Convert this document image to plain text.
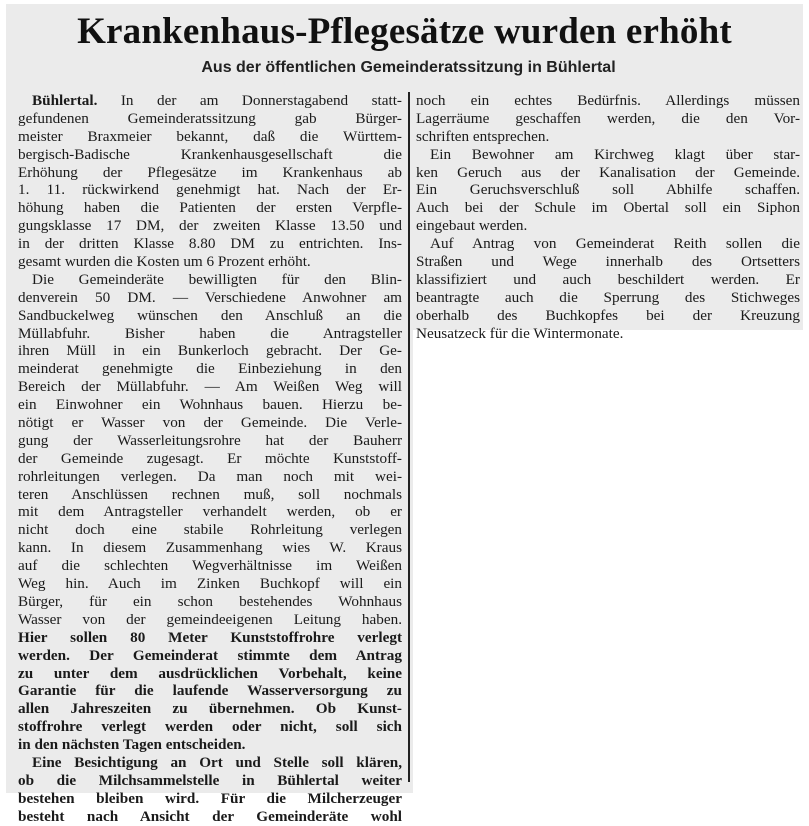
Krankenhaus-Pflegesätze wurden erhöht
Aus der öffentlichen Gemeinderatssitzung in Bühlertal
Bühlertal. In der am Donnerstagabend statt-
gefundenen Gemeinderatssitzung gab Bürger-
meister Braxmeier bekannt, daß die Württem-
bergisch-Badische Krankenhausgesellschaft die
Erhöhung der Pflegesätze im Krankenhaus ab
1. 11. rückwirkend genehmigt hat. Nach der Er-
höhung haben die Patienten der ersten Verpfle-
gungsklasse 17 DM, der zweiten Klasse 13.50 und
in der dritten Klasse 8.80 DM zu entrichten. Ins-
gesamt wurden die Kosten um 6 Prozent erhöht.
Die Gemeinderäte bewilligten für den Blin-
denverein 50 DM. — Verschiedene Anwohner am
Sandbuckelweg wünschen den Anschluß an die
Müllabfuhr. Bisher haben die Antragsteller
ihren Müll in ein Bunkerloch gebracht. Der Ge-
meinderat genehmigte die Einbeziehung in den
Bereich der Müllabfuhr. — Am Weißen Weg will
ein Einwohner ein Wohnhaus bauen. Hierzu be-
nötigt er Wasser von der Gemeinde. Die Verle-
gung der Wasserleitungsrohre hat der Bauherr
der Gemeinde zugesagt. Er möchte Kunststoff-
rohrleitungen verlegen. Da man noch mit wei-
teren Anschlüssen rechnen muß, soll nochmals
mit dem Antragsteller verhandelt werden, ob er
nicht doch eine stabile Rohrleitung verlegen
kann. In diesem Zusammenhang wies W. Kraus
auf die schlechten Wegverhältnisse im Weißen
Weg hin. Auch im Zinken Buchkopf will ein
Bürger, für ein schon bestehendes Wohnhaus
Wasser von der gemeindeeigenen Leitung haben.
Hier sollen 80 Meter Kunststoffrohre verlegt
werden. Der Gemeinderat stimmte dem Antrag
zu unter dem ausdrücklichen Vorbehalt, keine
Garantie für die laufende Wasserversorgung zu
allen Jahreszeiten zu übernehmen. Ob Kunst-
stoffrohre verlegt werden oder nicht, soll sich
in den nächsten Tagen entscheiden.
Eine Besichtigung an Ort und Stelle soll klären,
ob die Milchsammelstelle in Bühlertal weiter
bestehen bleiben wird. Für die Milcherzeuger
besteht nach Ansicht der Gemeinderäte wohl
noch ein echtes Bedürfnis. Allerdings müssen
Lagerräume geschaffen werden, die den Vor-
schriften entsprechen.
Ein Bewohner am Kirchweg klagt über star-
ken Geruch aus der Kanalisation der Gemeinde.
Ein Geruchsverschluß soll Abhilfe schaffen.
Auch bei der Schule im Obertal soll ein Siphon
eingebaut werden.
Auf Antrag von Gemeinderat Reith sollen die
Straßen und Wege innerhalb des Ortsetters
klassifiziert und auch beschildert werden. Er
beantragte auch die Sperrung des Stichweges
oberhalb des Buchkopfes bei der Kreuzung
Neusatzeck für die Wintermonate.
